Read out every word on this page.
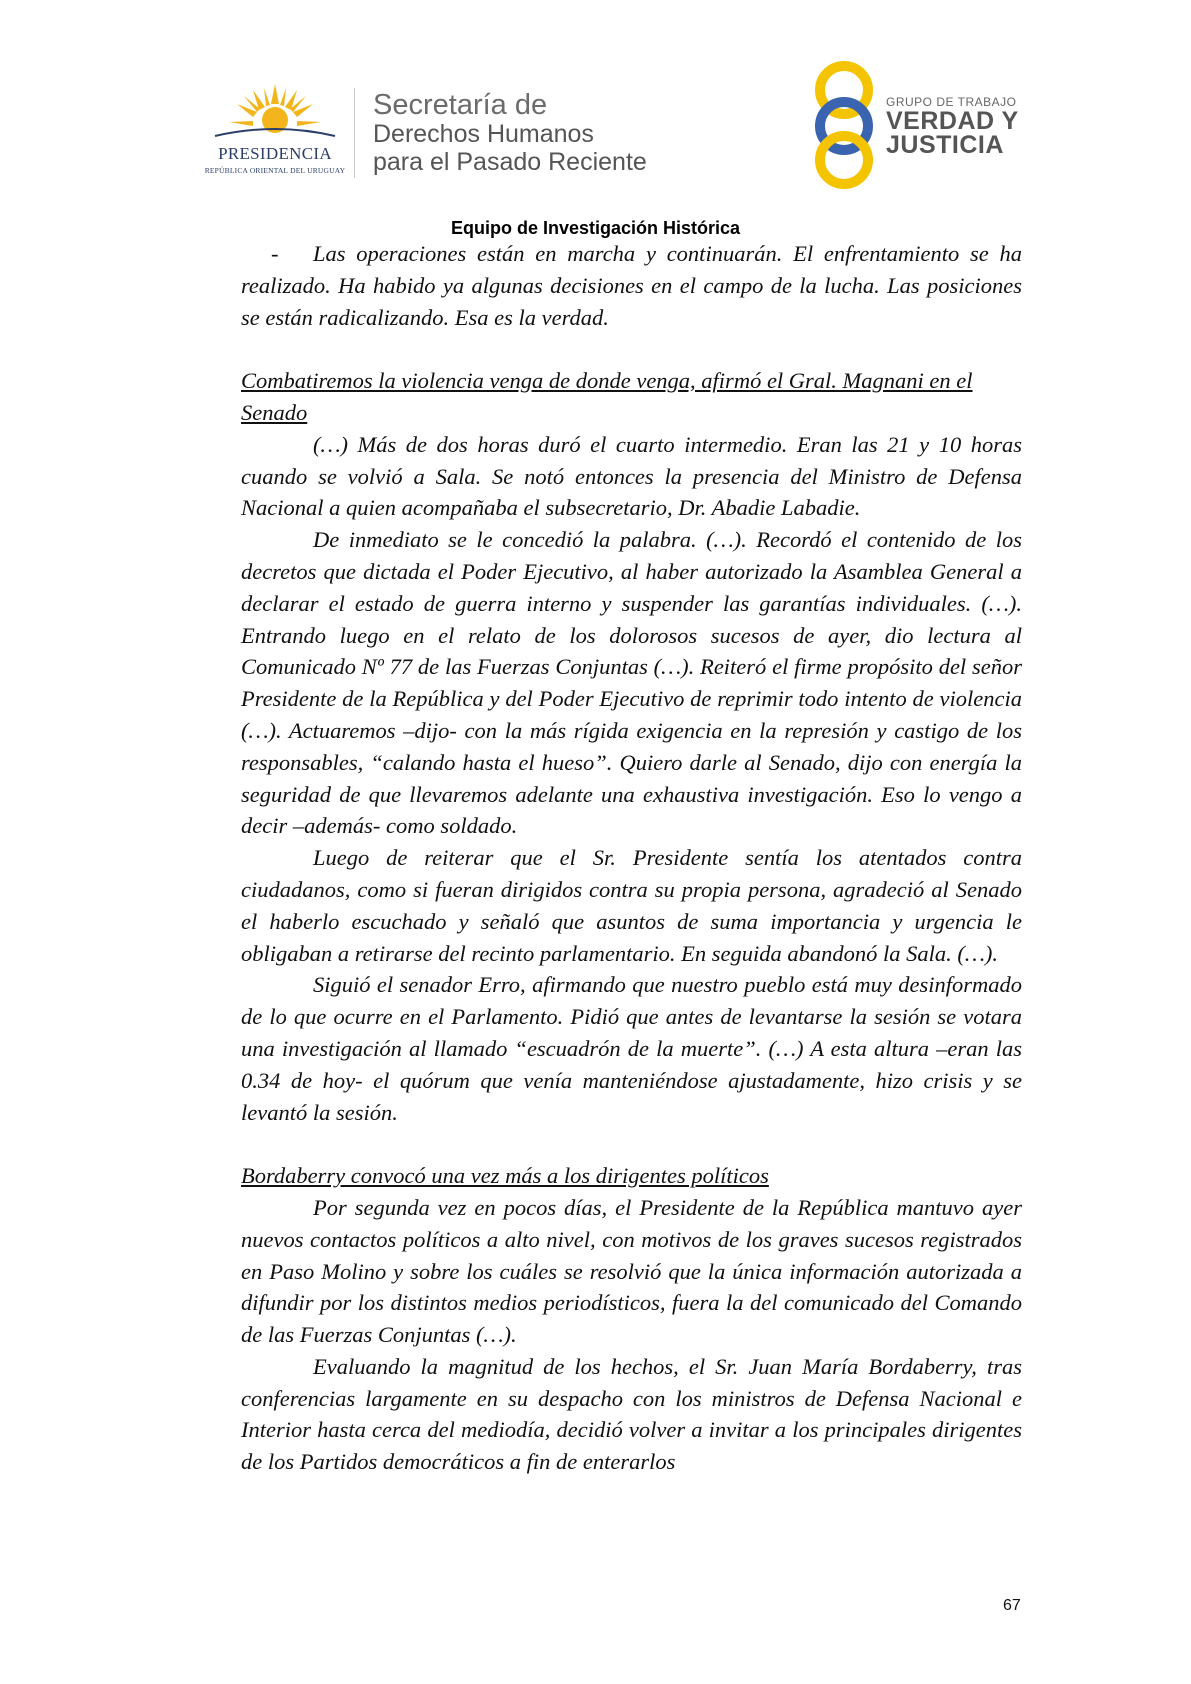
PRESIDENCIA
REPÚBLICA ORIENTAL DEL URUGUAY
Secretaría de
Derechos Humanos
para el Pasado Reciente
GRUPO DE TRABAJO
VERDAD Y
JUSTICIA
Equipo de Investigación Histórica

- Las operaciones están en marcha y continuarán. El enfrentamiento se ha realizado. Ha habido ya algunas decisiones en el campo de la lucha. Las posiciones se están radicalizando. Esa es la verdad.

Combatiremos la violencia venga de donde venga, afirmó el Gral. Magnani en el Senado

(…) Más de dos horas duró el cuarto intermedio. Eran las 21 y 10 horas cuando se volvió a Sala. Se notó entonces la presencia del Ministro de Defensa Nacional a quien acompañaba el subsecretario, Dr. Abadie Labadie.

De inmediato se le concedió la palabra. (…). Recordó el contenido de los decretos que dictada el Poder Ejecutivo, al haber autorizado la Asamblea General a declarar el estado de guerra interno y suspender las garantías individuales. (…). Entrando luego en el relato de los dolorosos sucesos de ayer, dio lectura al Comunicado Nº 77 de las Fuerzas Conjuntas (…). Reiteró el firme propósito del señor Presidente de la República y del Poder Ejecutivo de reprimir todo intento de violencia (…). Actuaremos –dijo- con la más rígida exigencia en la represión y castigo de los responsables, “calando hasta el hueso”. Quiero darle al Senado, dijo con energía la seguridad de que llevaremos adelante una exhaustiva investigación. Eso lo vengo a decir –además- como soldado.

Luego de reiterar que el Sr. Presidente sentía los atentados contra ciudadanos, como si fueran dirigidos contra su propia persona, agradeció al Senado el haberlo escuchado y señaló que asuntos de suma importancia y urgencia le obligaban a retirarse del recinto parlamentario. En seguida abandonó la Sala. (…).

Siguió el senador Erro, afirmando que nuestro pueblo está muy desinformado de lo que ocurre en el Parlamento. Pidió que antes de levantarse la sesión se votara una investigación al llamado “escuadrón de la muerte”. (…) A esta altura –eran las 0.34 de hoy- el quórum que venía manteniéndose ajustadamente, hizo crisis y se levantó la sesión.

Bordaberry convocó una vez más a los dirigentes políticos

Por segunda vez en pocos días, el Presidente de la República mantuvo ayer nuevos contactos políticos a alto nivel, con motivos de los graves sucesos registrados en Paso Molino y sobre los cuáles se resolvió que la única información autorizada a difundir por los distintos medios periodísticos, fuera la del comunicado del Comando de las Fuerzas Conjuntas (…).

Evaluando la magnitud de los hechos, el Sr. Juan María Bordaberry, tras conferencias largamente en su despacho con los ministros de Defensa Nacional e Interior hasta cerca del mediodía, decidió volver a invitar a los principales dirigentes de los Partidos democráticos a fin de enterarlos

67
